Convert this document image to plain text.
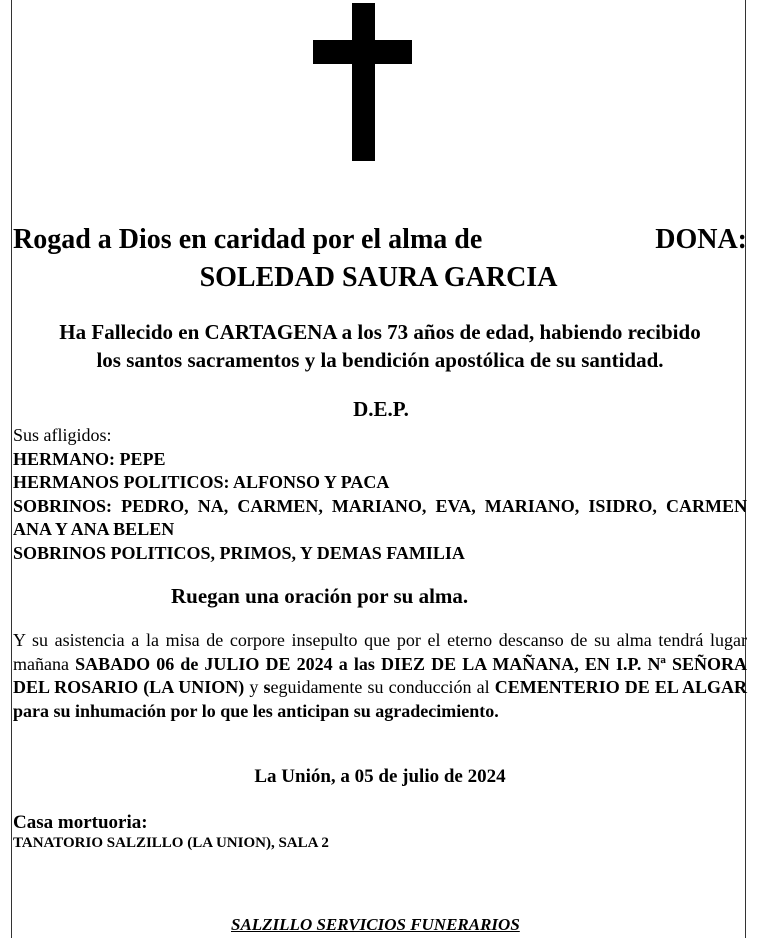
Rogad a Dios en caridad por el alma de	DONA:
SOLEDAD SAURA GARCIA
Ha Fallecido en CARTAGENA a los 73 años de edad, habiendo recibido
los santos sacramentos y la bendición apostólica de su santidad.
D.E.P.
Sus afligidos:
HERMANO: PEPE
HERMANOS POLITICOS: ALFONSO Y PACA
SOBRINOS: PEDRO, NA, CARMEN, MARIANO, EVA, MARIANO, ISIDRO, CARMEN ANA Y ANA BELEN
SOBRINOS POLITICOS, PRIMOS, Y DEMAS FAMILIA
Ruegan una oración por su alma.
Y su asistencia a la misa de corpore insepulto que por el eterno descanso de su alma tendrá lugar mañana SABADO 06 de JULIO DE 2024 a las DIEZ DE LA MAÑANA, EN I.P. Nª SEÑORA DEL ROSARIO (LA UNION) y seguidamente su conducción al CEMENTERIO DE EL ALGAR para su inhumación por lo que les anticipan su agradecimiento.
La Unión, a 05 de julio de 2024
Casa mortuoria:
TANATORIO SALZILLO (LA UNION), SALA 2
SALZILLO SERVICIOS FUNERARIOS
